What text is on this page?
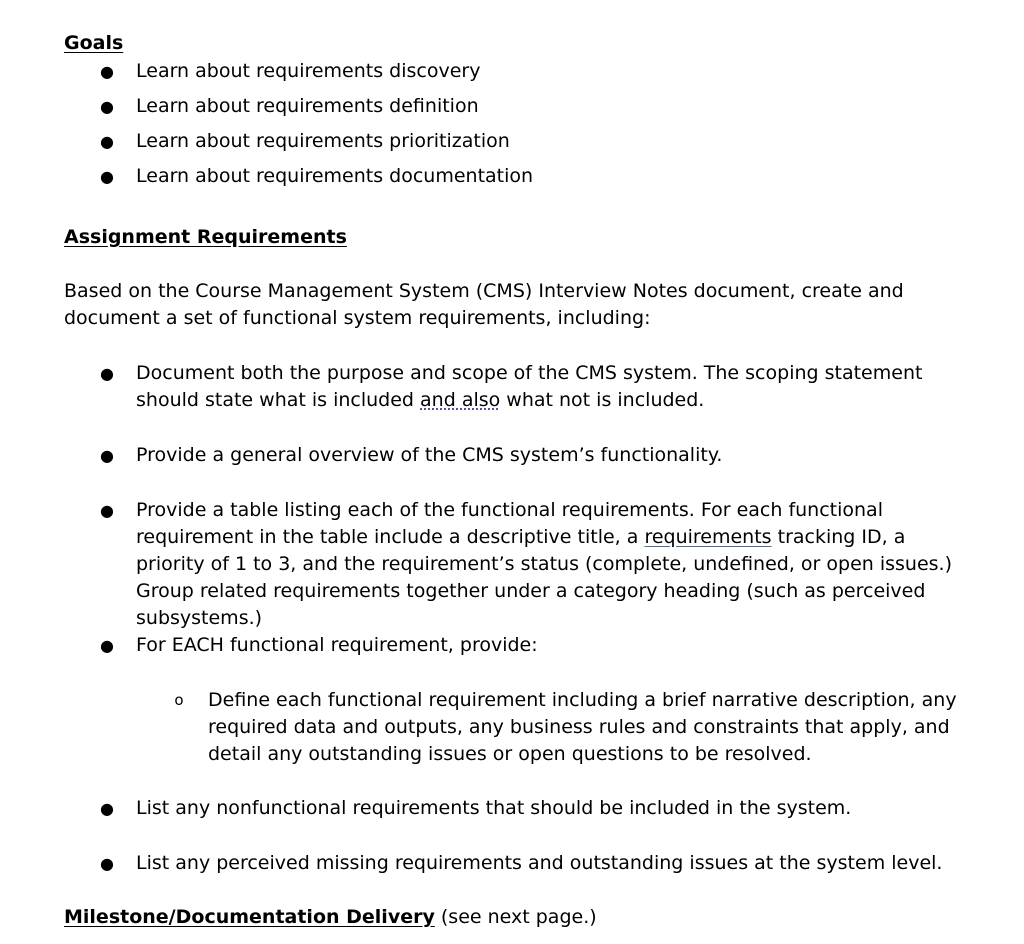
Goals
● Learn about requirements discovery
● Learn about requirements definition
● Learn about requirements prioritization
● Learn about requirements documentation
Assignment Requirements
Based on the Course Management System (CMS) Interview Notes document, create and document a set of functional system requirements, including:
● Document both the purpose and scope of the CMS system. The scoping statement should state what is included and also what not is included.
● Provide a general overview of the CMS system’s functionality.
● Provide a table listing each of the functional requirements. For each functional requirement in the table include a descriptive title, a requirements tracking ID, a priority of 1 to 3, and the requirement’s status (complete, undefined, or open issues.) Group related requirements together under a category heading (such as perceived subsystems.)
● For EACH functional requirement, provide:
o Define each functional requirement including a brief narrative description, any required data and outputs, any business rules and constraints that apply, and detail any outstanding issues or open questions to be resolved.
● List any nonfunctional requirements that should be included in the system.
● List any perceived missing requirements and outstanding issues at the system level.
Milestone/Documentation Delivery (see next page.)
